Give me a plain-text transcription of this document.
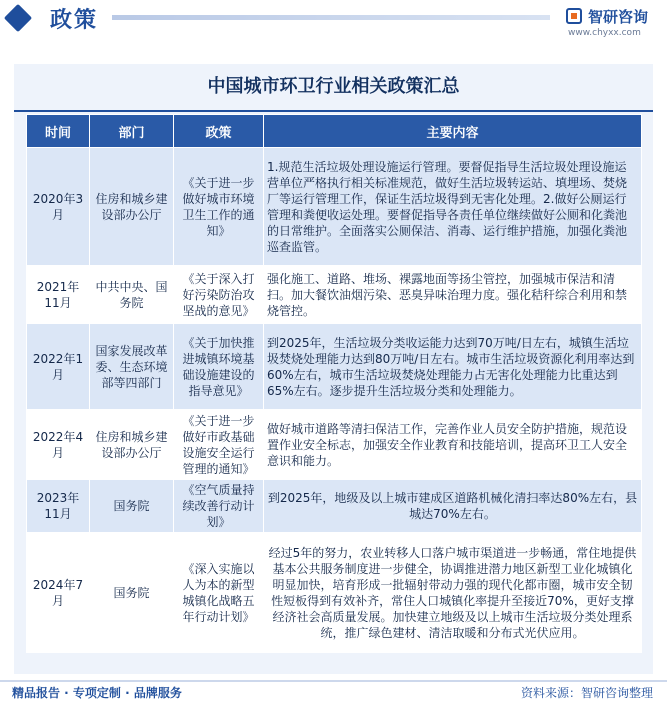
政策	智研咨询
www.chyxx.com
中国城市环卫行业相关政策汇总
时间	部门	政策	主要内容
2020年3月	住房和城乡建设部办公厅	《关于进一步做好城市环境卫生工作的通知》	1.规范生活垃圾处理设施运行管理。要督促指导生活垃圾处理设施运营单位严格执行相关标准规范，做好生活垃圾转运站、填埋场、焚烧厂等运行管理工作，保证生活垃圾得到无害化处理。2.做好公厕运行管理和粪便收运处理。要督促指导各责任单位继续做好公厕和化粪池的日常维护。全面落实公厕保洁、消毒、运行维护措施，加强化粪池巡查监管。
2021年11月	中共中央、国务院	《关于深入打好污染防治攻坚战的意见》	强化施工、道路、堆场、裸露地面等扬尘管控，加强城市保洁和清扫。加大餐饮油烟污染、恶臭异味治理力度。强化秸秆综合利用和禁烧管控。
2022年1月	国家发展改革委、生态环境部等四部门	《关于加快推进城镇环境基础设施建设的指导意见》	到2025年，生活垃圾分类收运能力达到70万吨/日左右，城镇生活垃圾焚烧处理能力达到80万吨/日左右。城市生活垃圾资源化利用率达到60%左右，城市生活垃圾焚烧处理能力占无害化处理能力比重达到65%左右。逐步提升生活垃圾分类和处理能力。
2022年4月	住房和城乡建设部办公厅	《关于进一步做好市政基础设施安全运行管理的通知》	做好城市道路等清扫保洁工作，完善作业人员安全防护措施，规范设置作业安全标志，加强安全作业教育和技能培训，提高环卫工人安全意识和能力。
2023年11月	国务院	《空气质量持续改善行动计划》	到2025年，地级及以上城市建成区道路机械化清扫率达80%左右，县城达70%左右。
2024年7月	国务院	《深入实施以人为本的新型城镇化战略五年行动计划》	经过5年的努力，农业转移人口落户城市渠道进一步畅通，常住地提供基本公共服务制度进一步健全，协调推进潜力地区新型工业化城镇化明显加快，培育形成一批辐射带动力强的现代化都市圈，城市安全韧性短板得到有效补齐，常住人口城镇化率提升至接近70%，更好支撑经济社会高质量发展。加快建立地级及以上城市生活垃圾分类处理系统，推广绿色建材、清洁取暖和分布式光伏应用。
精品报告 · 专项定制 · 品牌服务	资料来源：智研咨询整理
